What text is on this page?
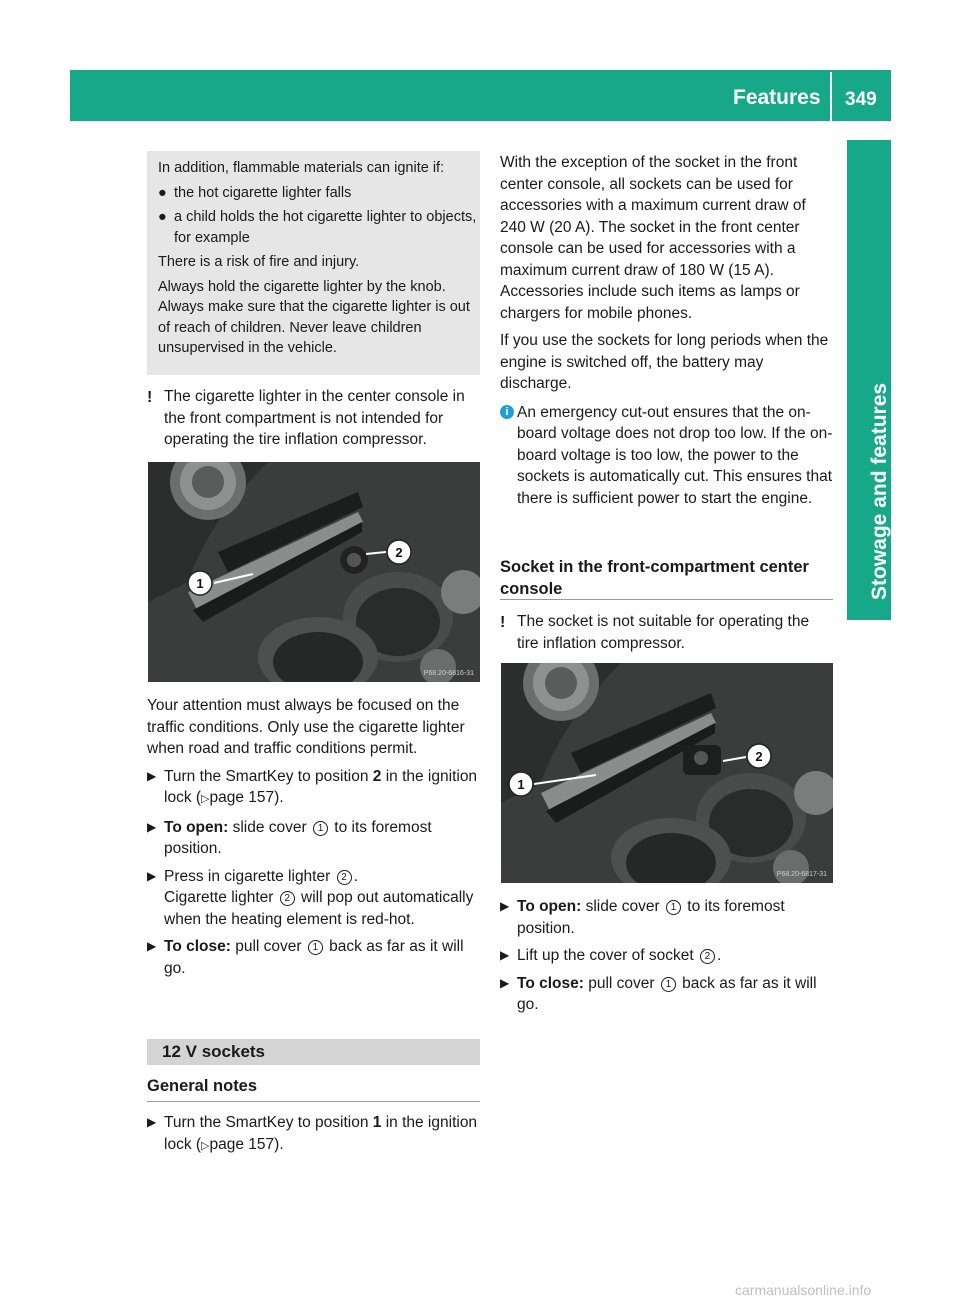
Features 349
Stowage and features

In addition, flammable materials can ignite if:

● the hot cigarette lighter falls
● a child holds the hot cigarette lighter to objects, for example

There is a risk of fire and injury.

Always hold the cigarette lighter by the knob. Always make sure that the cigarette lighter is out of reach of children. Never leave children unsupervised in the vehicle.

! The cigarette lighter in the center console in the front compartment is not intended for operating the tire inflation compressor.
1
2
P68.20-6816-31

Your attention must always be focused on the traffic conditions. Only use the cigarette lighter when road and traffic conditions permit.

▶ Turn the SmartKey to position 2 in the ignition lock (▷page 157).
▶ To open: slide cover 1 to its foremost position.
▶ Press in cigarette lighter 2 .
Cigarette lighter 2 will pop out automatically when the heating element is red-hot.
▶ To close: pull cover 1 back as far as it will go.
12 V sockets
General notes
▶ Turn the SmartKey to position 1 in the ignition lock (▷page 157).

With the exception of the socket in the front center console, all sockets can be used for accessories with a maximum current draw of 240 W (20 A). The socket in the front center console can be used for accessories with a maximum current draw of 180 W (15 A). Accessories include such items as lamps or chargers for mobile phones.

If you use the sockets for long periods when the engine is switched off, the battery may discharge.

i An emergency cut-out ensures that the on-board voltage does not drop too low. If the on-board voltage is too low, the power to the sockets is automatically cut. This ensures that there is sufficient power to start the engine.
Socket in the front-compartment center console
! The socket is not suitable for operating the tire inflation compressor.
1
2
P68.20-6817-31
▶ To open: slide cover 1 to its foremost position.
▶ Lift up the cover of socket 2 .
▶ To close: pull cover 1 back as far as it will go.
carmanualsonline.info
